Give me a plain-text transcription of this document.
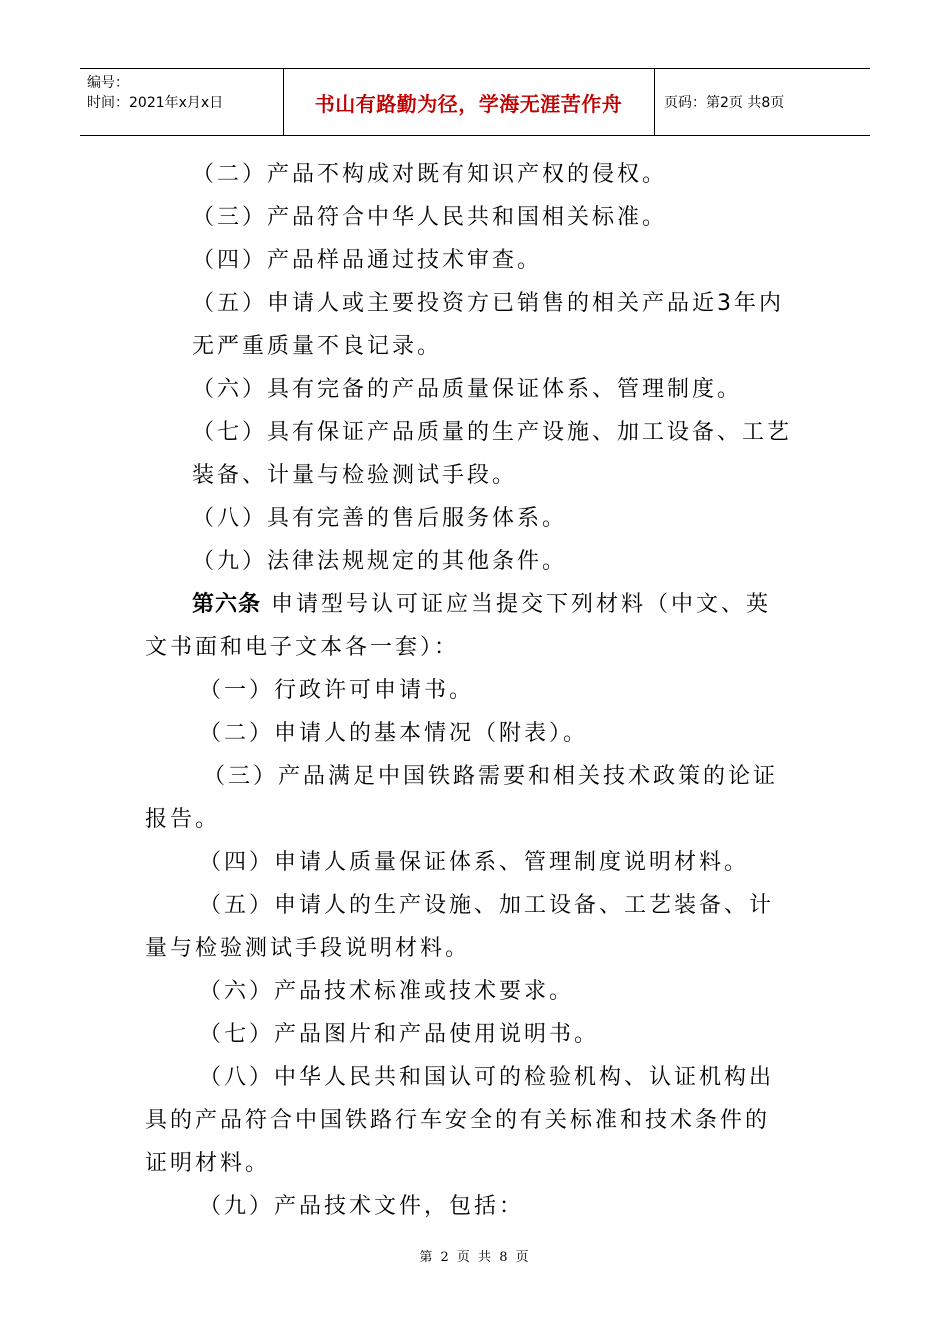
编号：
时间：2021年x月x日	书山有路勤为径，学海无涯苦作舟	页码：第2页 共8页
（二）产品不构成对既有知识产权的侵权。
（三）产品符合中华人民共和国相关标准。
（四）产品样品通过技术审查。
（五）申请人或主要投资方已销售的相关产品近3年内
无严重质量不良记录。
（六）具有完备的产品质量保证体系、管理制度。
（七）具有保证产品质量的生产设施、加工设备、工艺
装备、计量与检验测试手段。
（八）具有完善的售后服务体系。
（九）法律法规规定的其他条件。
第六条 申请型号认可证应当提交下列材料（中文、英
文书面和电子文本各一套）：
（一）行政许可申请书。
（二）申请人的基本情况（附表）。
（三）产品满足中国铁路需要和相关技术政策的论证
报告。
（四）申请人质量保证体系、管理制度说明材料。
（五）申请人的生产设施、加工设备、工艺装备、计
量与检验测试手段说明材料。
（六）产品技术标准或技术要求。
（七）产品图片和产品使用说明书。
（八）中华人民共和国认可的检验机构、认证机构出
具的产品符合中国铁路行车安全的有关标准和技术条件的
证明材料。
（九）产品技术文件，包括：
第 2 页 共 8 页
